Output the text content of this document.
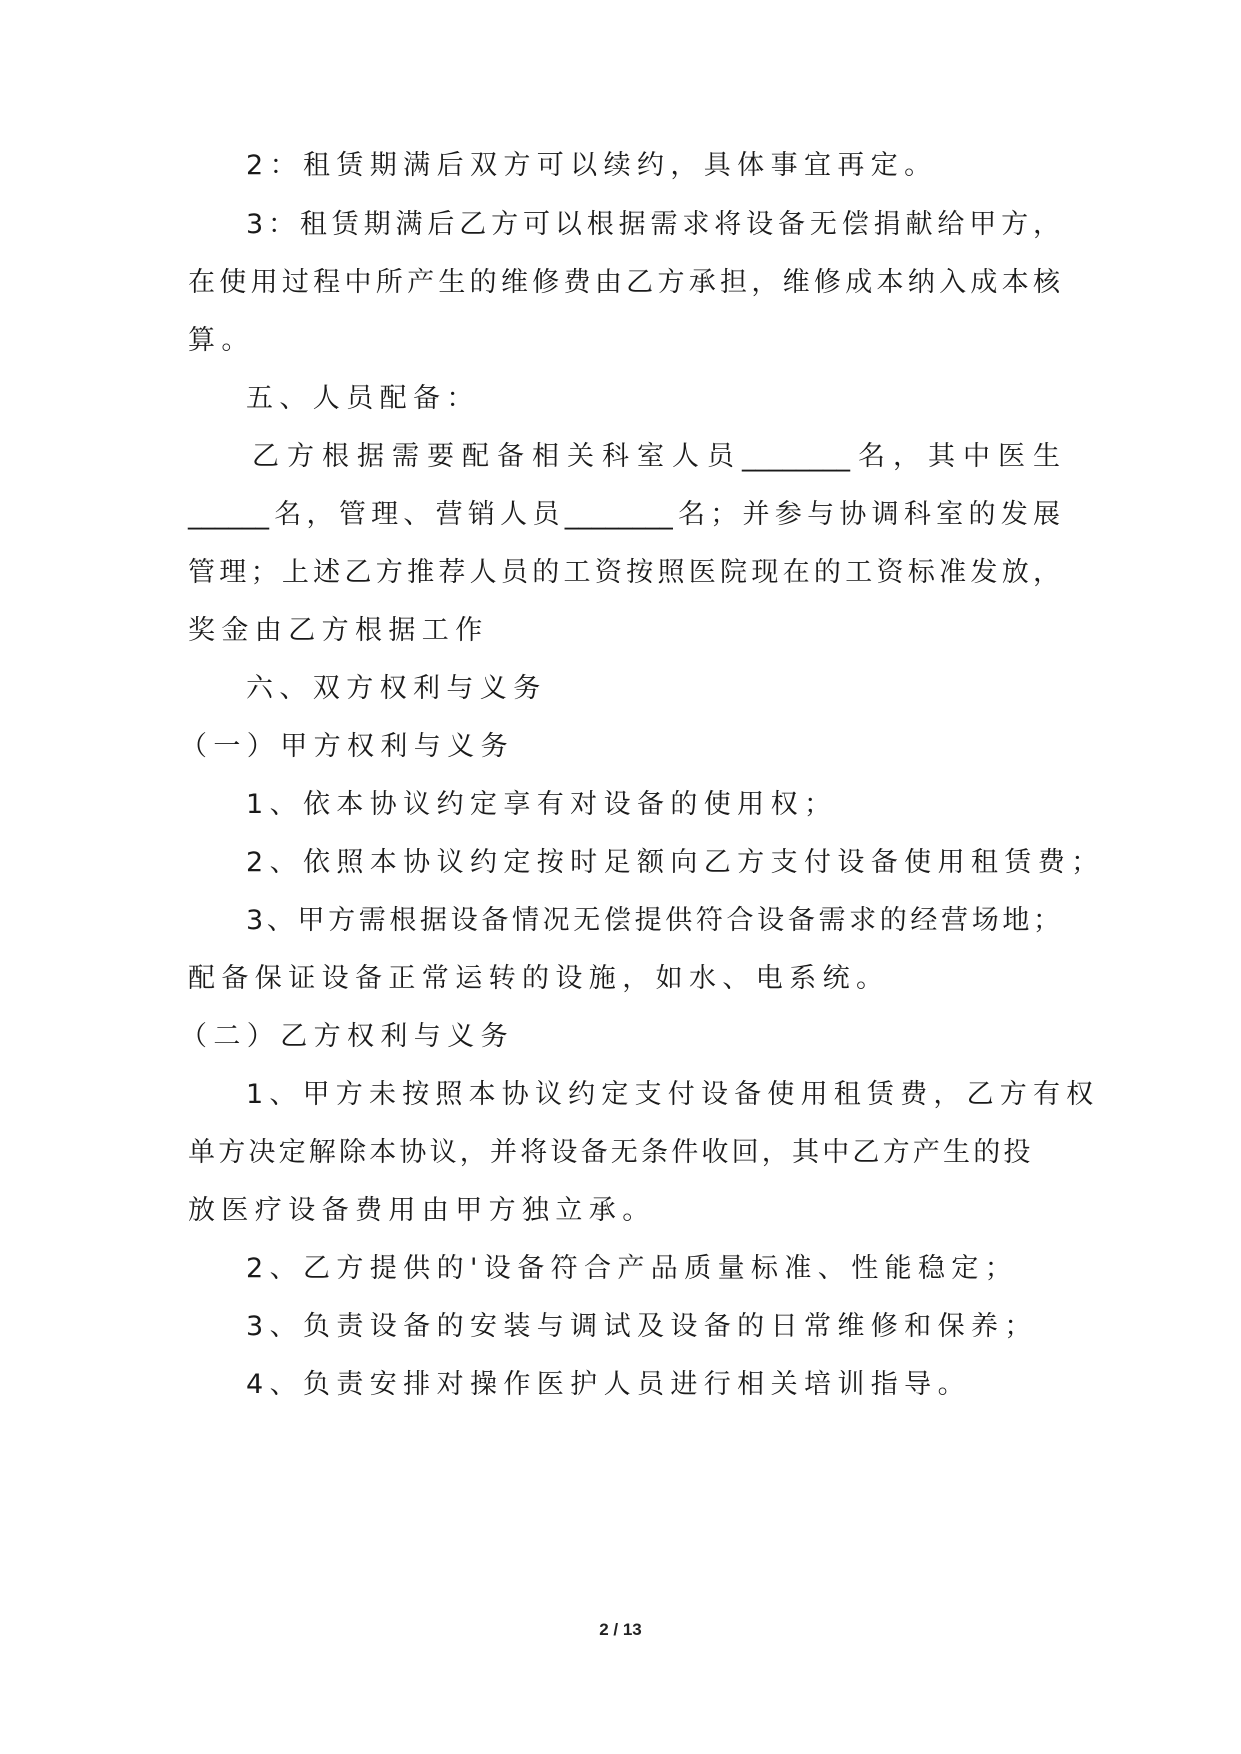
2：租赁期满后双方可以续约，具体事宜再定。
3：租赁期满后乙方可以根据需求将设备无偿捐献给甲方，
在使用过程中所产生的维修费由乙方承担，维修成本纳入成本核
算。
五、人员配备：
乙方根据需要配备相关科室人员________名，其中医生
______名，管理、营销人员________名；并参与协调科室的发展
管理；上述乙方推荐人员的工资按照医院现在的工资标准发放，
奖金由乙方根据工作
六、双方权利与义务
（一）甲方权利与义务
1、依本协议约定享有对设备的使用权；
2、依照本协议约定按时足额向乙方支付设备使用租赁费；
3、甲方需根据设备情况无偿提供符合设备需求的经营场地；
配备保证设备正常运转的设施，如水、电系统。
（二）乙方权利与义务
1、甲方未按照本协议约定支付设备使用租赁费，乙方有权
单方决定解除本协议，并将设备无条件收回，其中乙方产生的投
放医疗设备费用由甲方独立承。
2、乙方提供的'设备符合产品质量标准、性能稳定；
3、负责设备的安装与调试及设备的日常维修和保养；
4、负责安排对操作医护人员进行相关培训指导。
2 / 13
